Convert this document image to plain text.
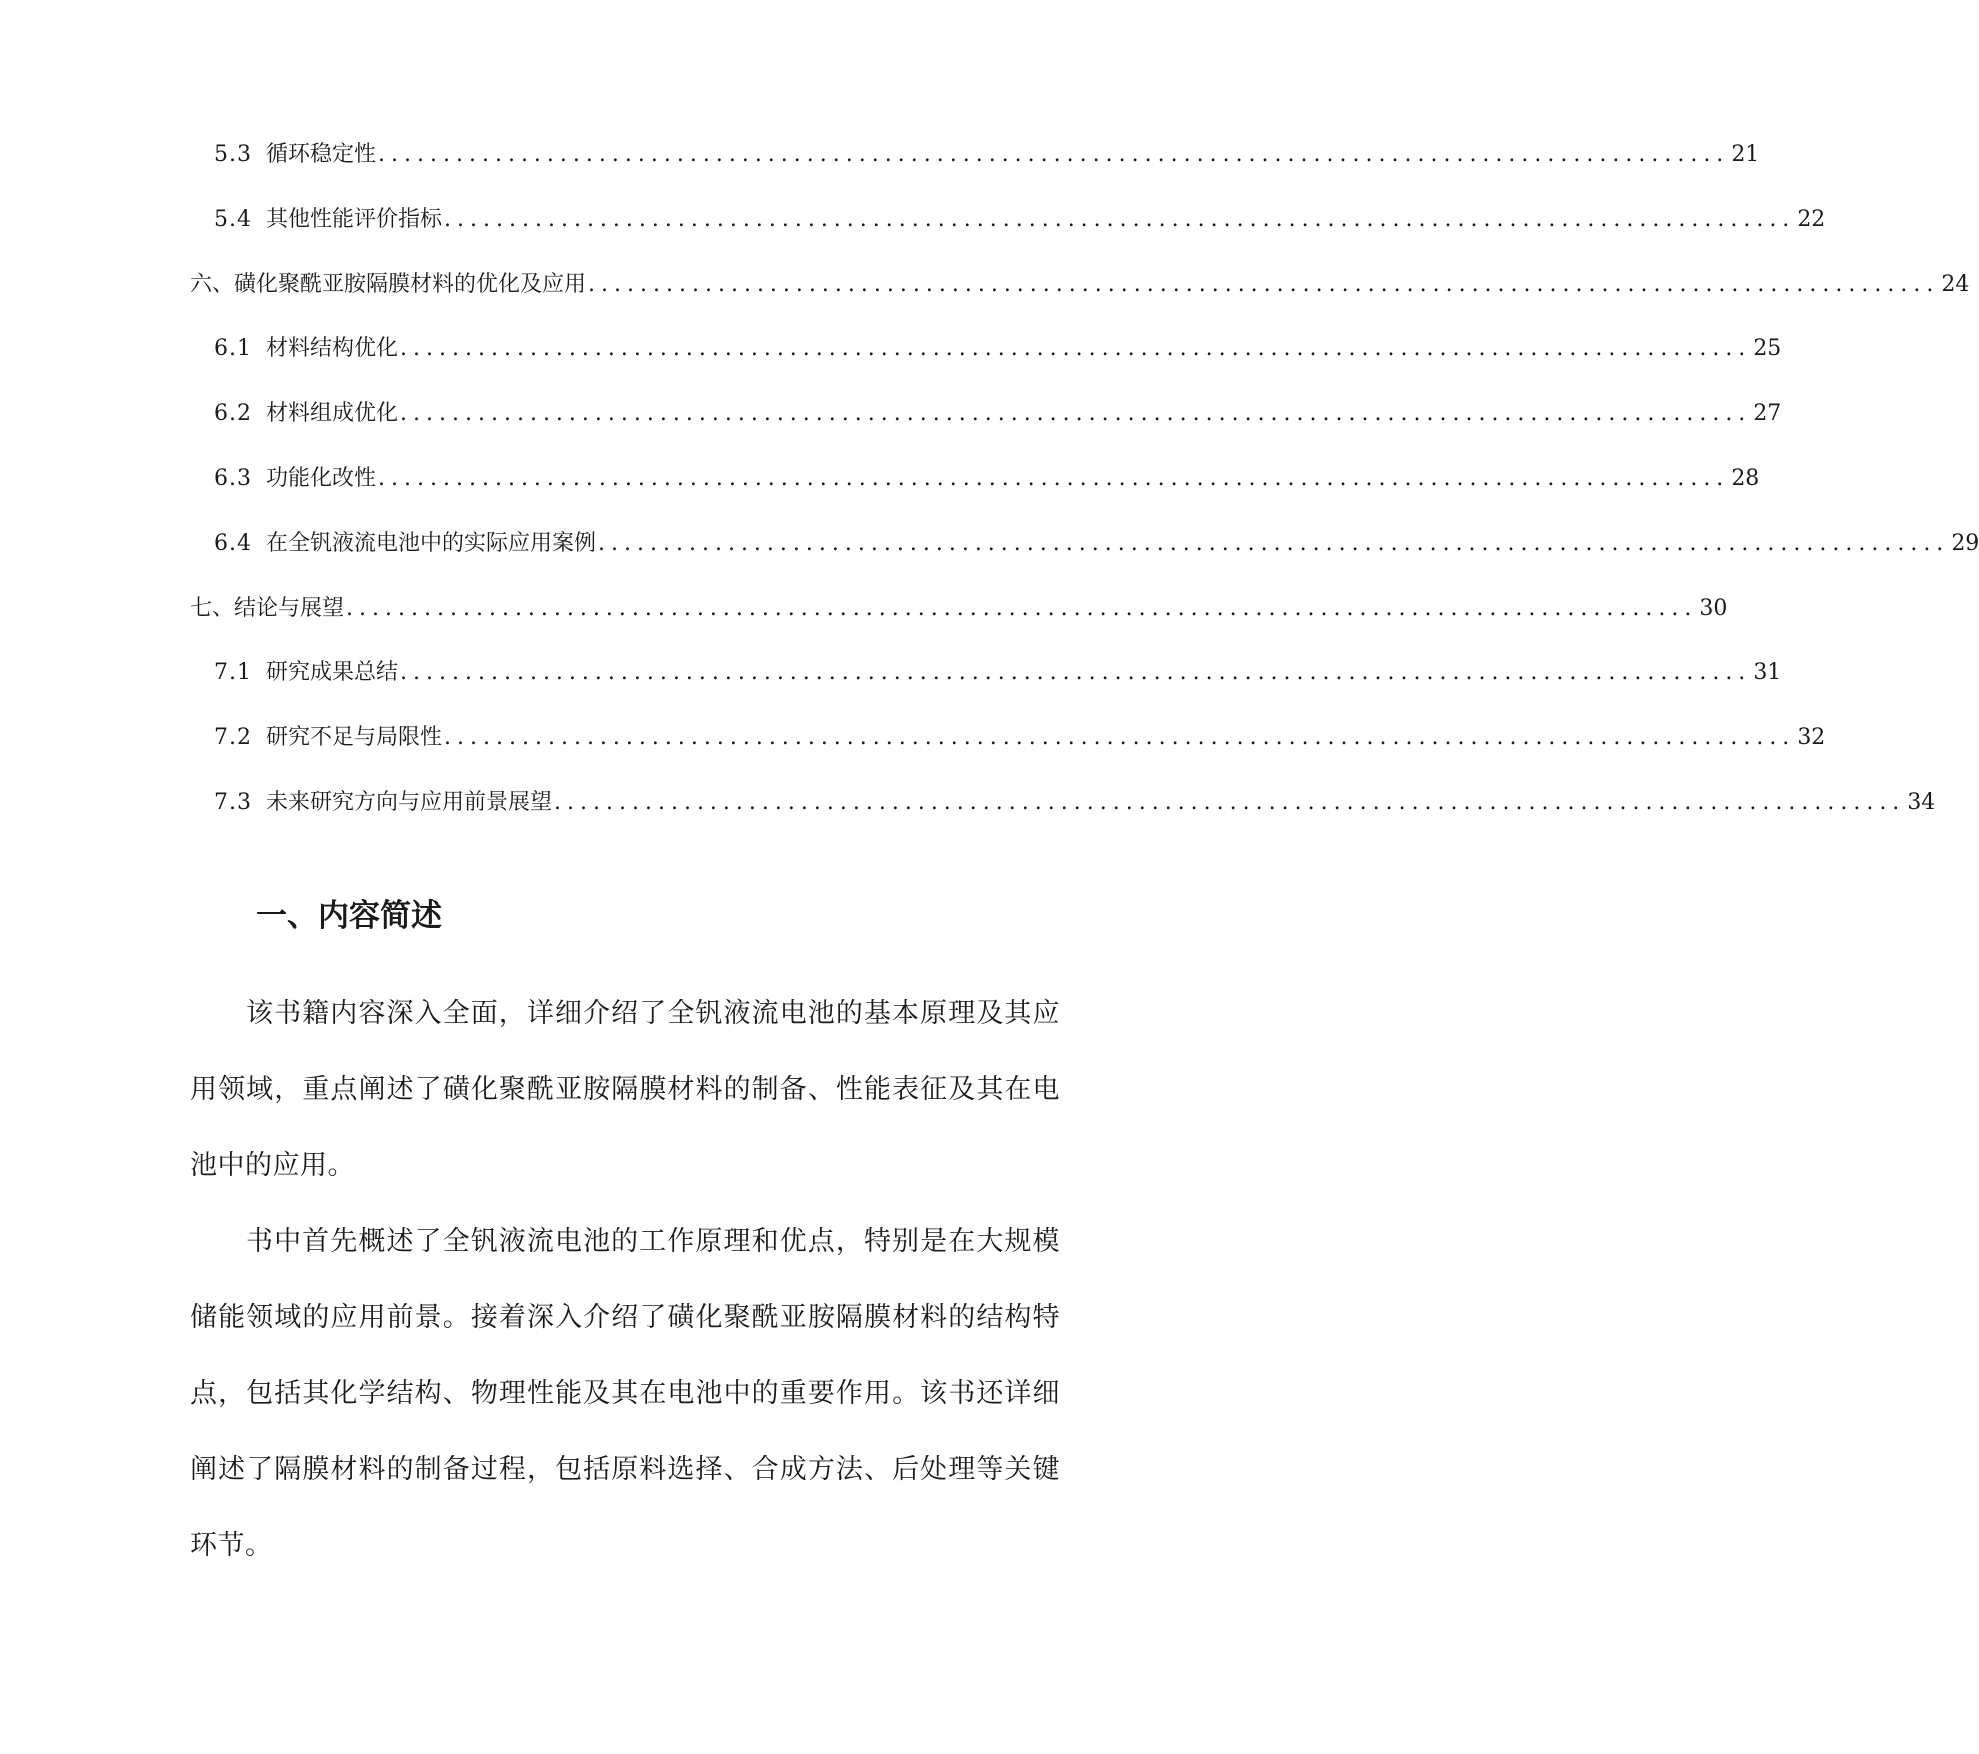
5.3 循环稳定性 ........................................................................................................ 21
5.4 其他性能评价指标 ........................................................................................................ 22
六、磺化聚酰亚胺隔膜材料的优化及应用 ........................................................................................................ 24
6.1 材料结构优化 ........................................................................................................ 25
6.2 材料组成优化 ........................................................................................................ 27
6.3 功能化改性 ........................................................................................................ 28
6.4 在全钒液流电池中的实际应用案例 ........................................................................................................ 29
七、结论与展望 ........................................................................................................ 30
7.1 研究成果总结 ........................................................................................................ 31
7.2 研究不足与局限性 ........................................................................................................ 32
7.3 未来研究方向与应用前景展望 ........................................................................................................ 34
一、内容简述

该书籍内容深入全面，详细介绍了全钒液流电池的基本原理及其应用领域，重点阐述了磺化聚酰亚胺隔膜材料的制备、性能表征及其在电池中的应用。

书中首先概述了全钒液流电池的工作原理和优点，特别是在大规模储能领域的应用前景。接着深入介绍了磺化聚酰亚胺隔膜材料的结构特点，包括其化学结构、物理性能及其在电池中的重要作用。该书还详细阐述了隔膜材料的制备过程，包括原料选择、合成方法、后处理等关键环节。
